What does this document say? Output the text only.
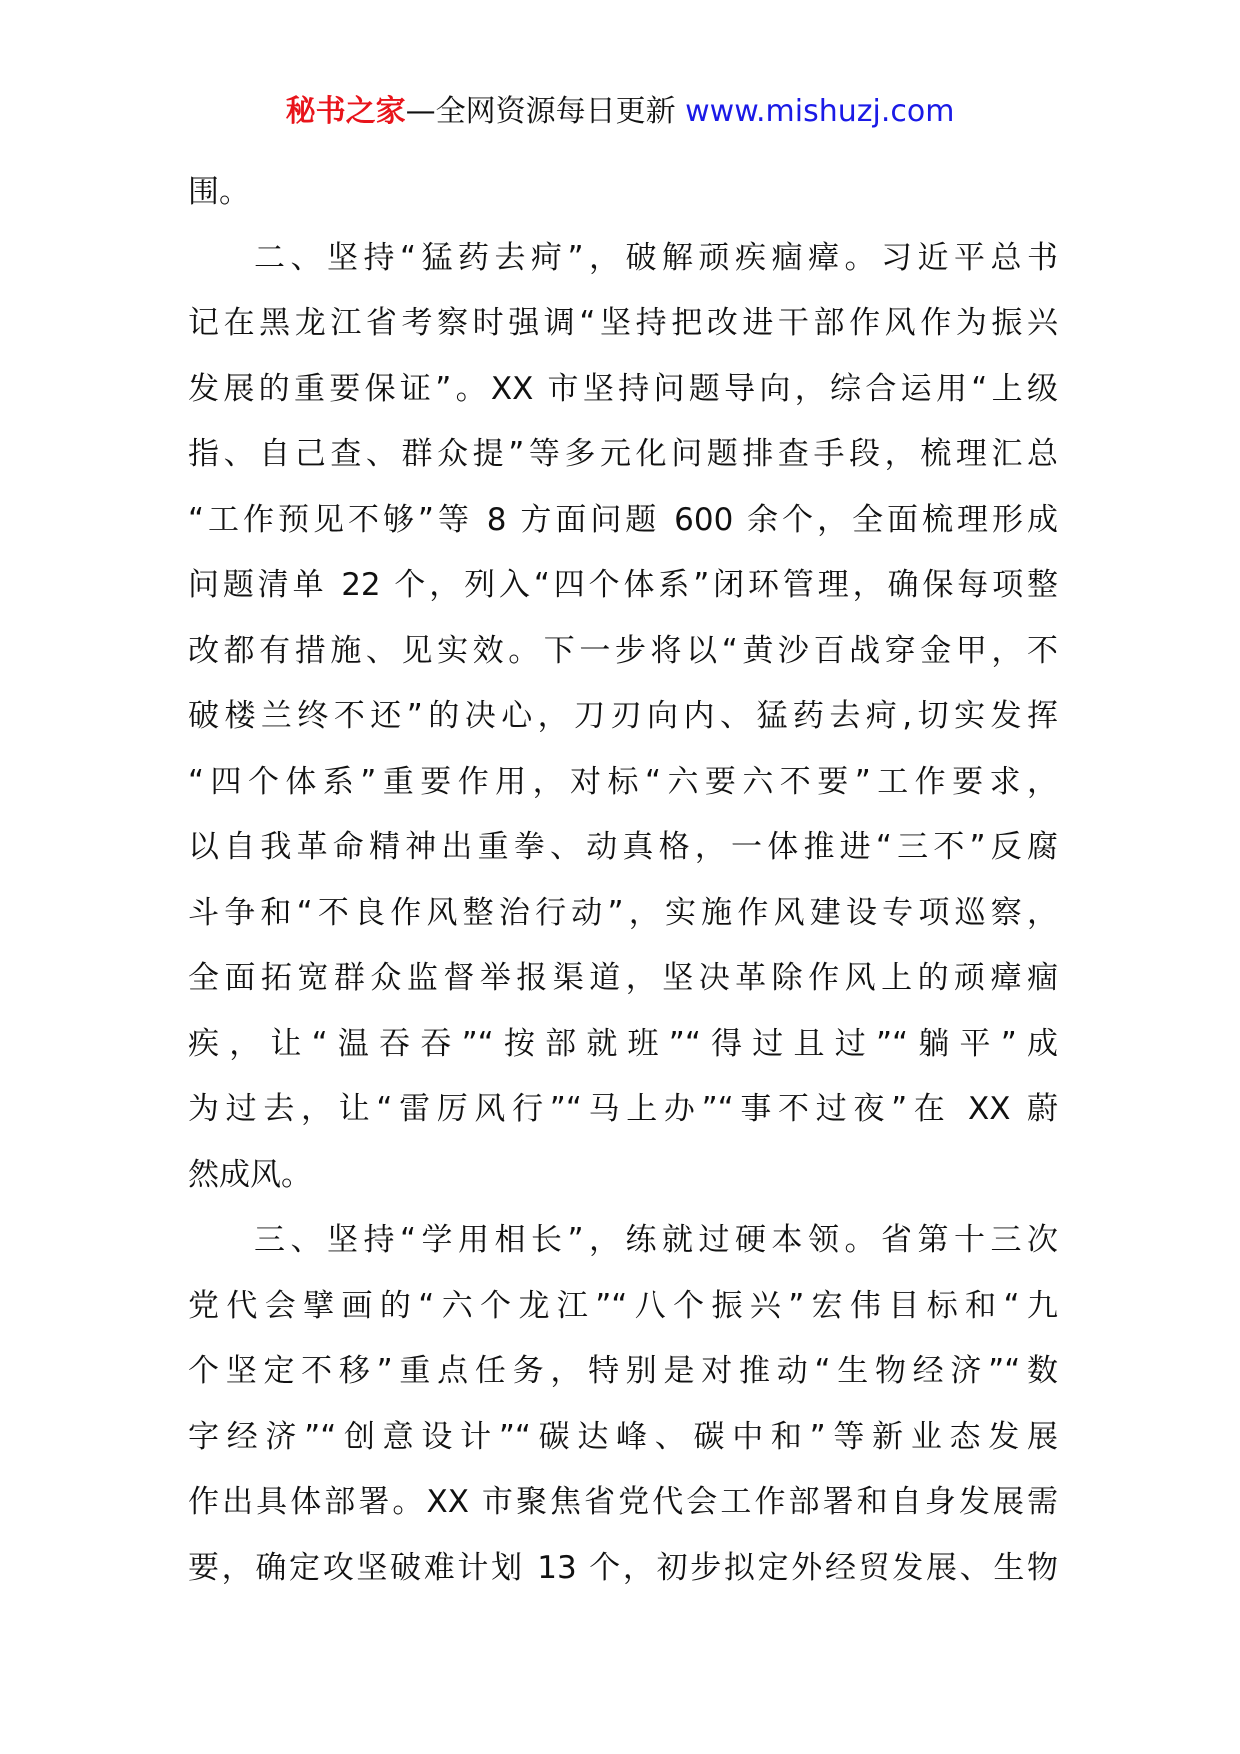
秘书之家—全网资源每日更新 www.mishuzj.com
围。
二、坚持“猛药去疴”，破解顽疾痼瘴。习近平总书
记在黑龙江省考察时强调“坚持把改进干部作风作为振兴
发展的重要保证”。XX 市坚持问题导向，综合运用“上级
指、自己查、群众提”等多元化问题排查手段，梳理汇总
“工作预见不够”等 8 方面问题 600 余个，全面梳理形成
问题清单 22 个，列入“四个体系”闭环管理，确保每项整
改都有措施、见实效。下一步将以“黄沙百战穿金甲，不
破楼兰终不还”的决心，刀刃向内、猛药去疴,切实发挥
“四个体系”重要作用，对标“六要六不要”工作要求，
以自我革命精神出重拳、动真格，一体推进“三不”反腐
斗争和“不良作风整治行动”，实施作风建设专项巡察，
全面拓宽群众监督举报渠道，坚决革除作风上的顽瘴痼
疾，让“温吞吞”“按部就班”“得过且过”“躺平”成
为过去，让“雷厉风行”“马上办”“事不过夜”在 XX 蔚
然成风。
三、坚持“学用相长”，练就过硬本领。省第十三次
党代会擘画的“六个龙江”“八个振兴”宏伟目标和“九
个坚定不移”重点任务，特别是对推动“生物经济”“数
字经济”“创意设计”“碳达峰、碳中和”等新业态发展
作出具体部署。XX 市聚焦省党代会工作部署和自身发展需
要，确定攻坚破难计划 13 个，初步拟定外经贸发展、生物
